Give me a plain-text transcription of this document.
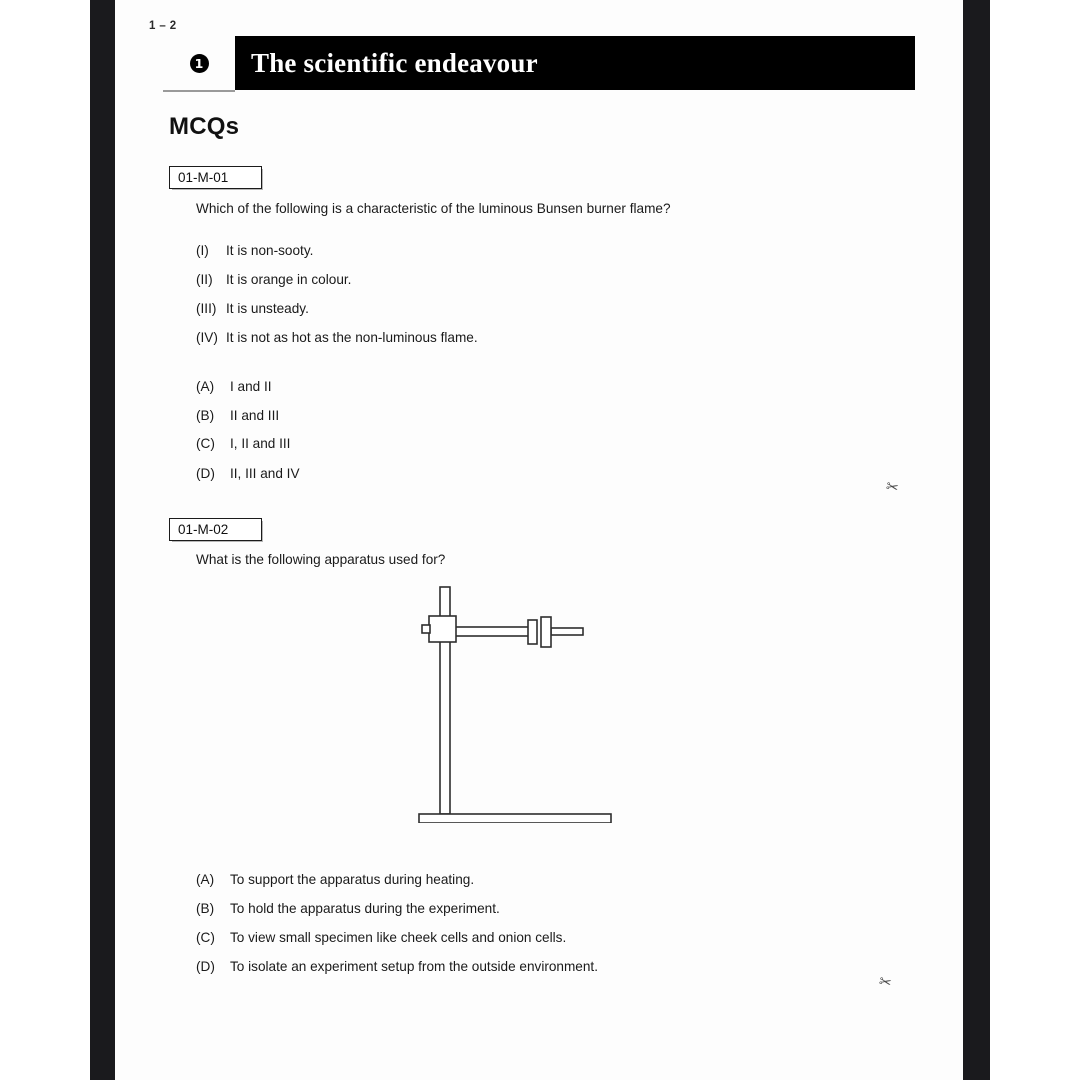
1 – 2
1 The scientific endeavour
MCQs
01-M-01
Which of the following is a characteristic of the luminous Bunsen burner flame?
(I) It is non-sooty.
(II) It is orange in colour.
(III) It is unsteady.
(IV) It is not as hot as the non-luminous flame.
(A) I and II
(B) II and III
(C) I, II and III
(D) II, III and IV
✂
01-M-02
What is the following apparatus used for?
(A) To support the apparatus during heating.
(B) To hold the apparatus during the experiment.
(C) To view small specimen like cheek cells and onion cells.
(D) To isolate an experiment setup from the outside environment.
✂
